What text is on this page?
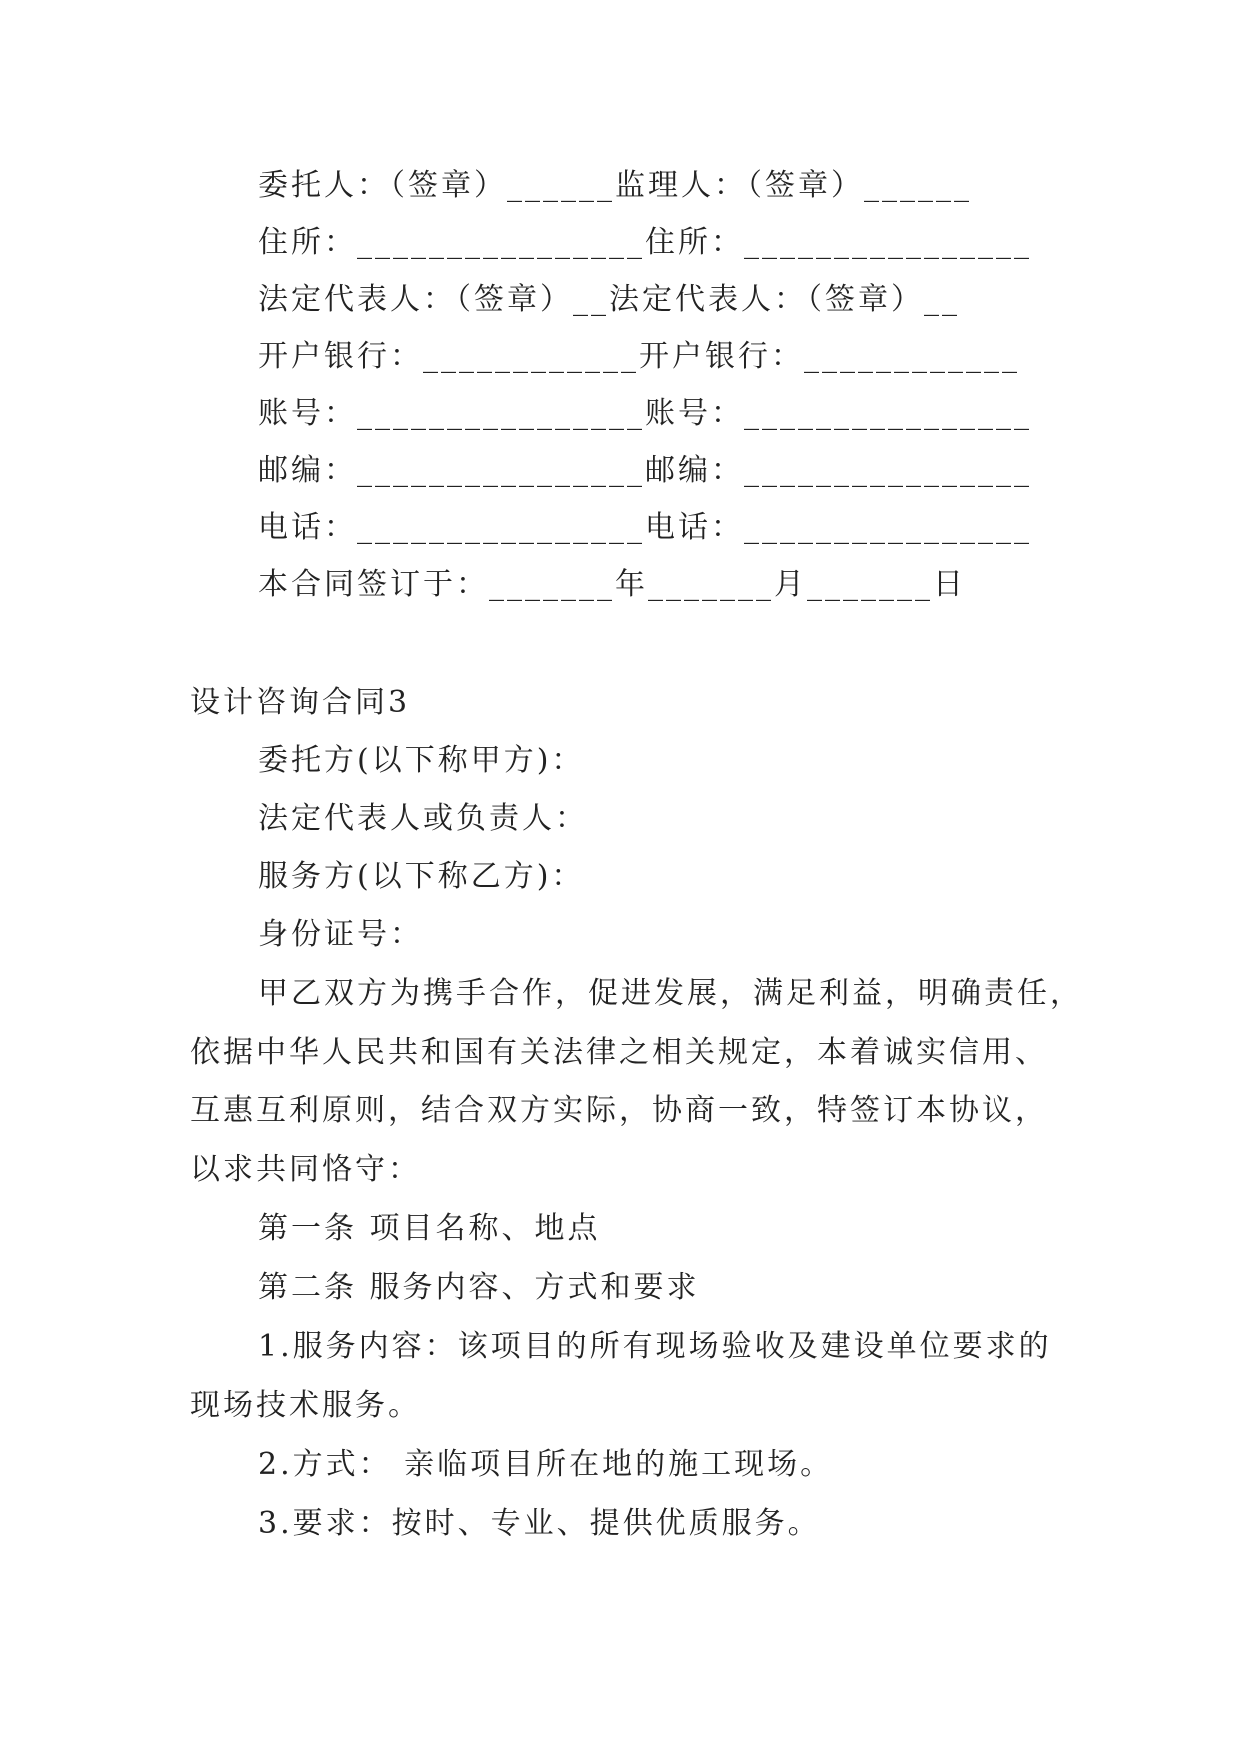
委托人：（签章）______监理人：（签章）______
住所：________________住所：________________
法定代表人：（签章）__法定代表人：（签章）__
开户银行：____________开户银行：____________
账号：________________账号：________________
邮编：________________邮编：________________
电话：________________电话：________________
本合同签订于：_______年_______月_______日
设计咨询合同3
委托方(以下称甲方)：
法定代表人或负责人：
服务方(以下称乙方)：
身份证号：
甲乙双方为携手合作，促进发展，满足利益，明确责任，
依据中华人民共和国有关法律之相关规定，本着诚实信用、
互惠互利原则，结合双方实际，协商一致，特签订本协议，
以求共同恪守：
第一条 项目名称、地点
第二条 服务内容、方式和要求
1.服务内容：该项目的所有现场验收及建设单位要求的
现场技术服务。
2.方式： 亲临项目所在地的施工现场。
3.要求：按时、专业、提供优质服务。
